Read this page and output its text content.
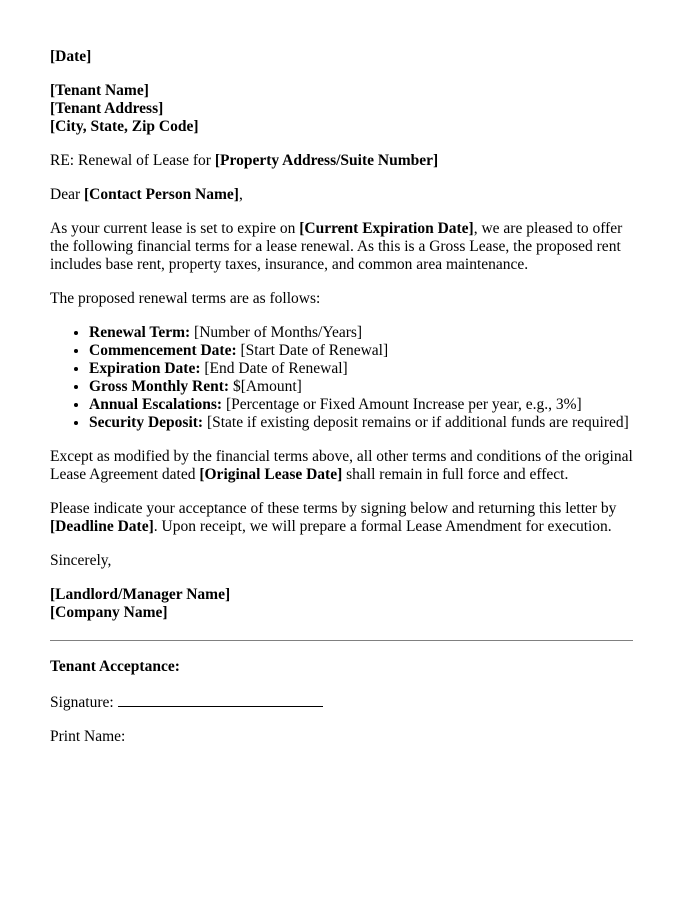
[Date]

[Tenant Name]

[Tenant Address]

[City, State, Zip Code]

RE: Renewal of Lease for [Property Address/Suite Number]

Dear [Contact Person Name],

As your current lease is set to expire on [Current Expiration Date], we are pleased to offer the following financial terms for a lease renewal. As this is a Gross Lease, the proposed rent includes base rent, property taxes, insurance, and common area maintenance.

The proposed renewal terms are as follows:

• Renewal Term: [Number of Months/Years]
• Commencement Date: [Start Date of Renewal]
• Expiration Date: [End Date of Renewal]
• Gross Monthly Rent: $[Amount]
• Annual Escalations: [Percentage or Fixed Amount Increase per year, e.g., 3%]
• Security Deposit: [State if existing deposit remains or if additional funds are required]

Except as modified by the financial terms above, all other terms and conditions of the original Lease Agreement dated [Original Lease Date] shall remain in full force and effect.

Please indicate your acceptance of these terms by signing below and returning this letter by [Deadline Date]. Upon receipt, we will prepare a formal Lease Amendment for execution.

Sincerely,

[Landlord/Manager Name]

[Company Name]

Tenant Acceptance:

Signature:

Print Name:
